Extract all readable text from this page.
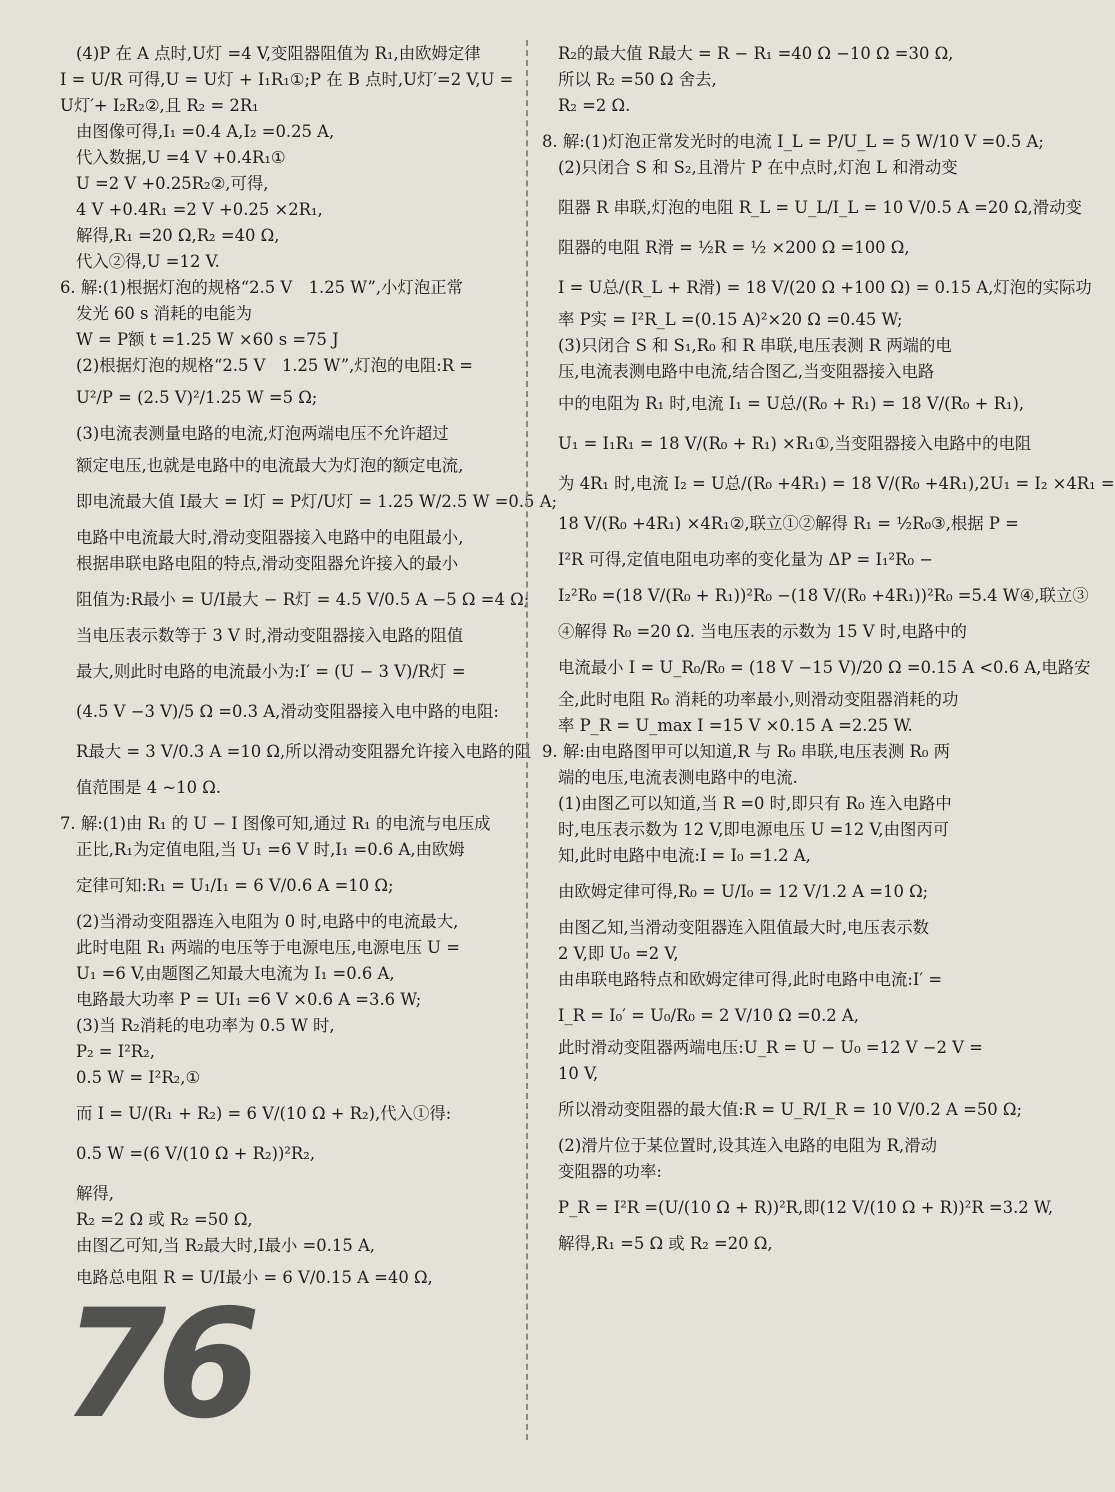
(4)P 在 A 点时,U灯 =4 V,变阻器阻值为 R₁,由欧姆定律

I = U/R 可得,U = U灯 + I₁R₁①;P 在 B 点时,U灯′=2 V,U =

U灯′+ I₂R₂②,且 R₂ = 2R₁

由图像可得,I₁ =0.4 A,I₂ =0.25 A,

代入数据,U =4 V +0.4R₁①

U =2 V +0.25R₂②,可得,

4 V +0.4R₁ =2 V +0.25 ×2R₁,

解得,R₁ =20 Ω,R₂ =40 Ω,

代入②得,U =12 V.

6. 解:(1)根据灯泡的规格“2.5 V　1.25 W”,小灯泡正常

发光 60 s 消耗的电能为

W = P额 t =1.25 W ×60 s =75 J

(2)根据灯泡的规格“2.5 V　1.25 W”,灯泡的电阻:R =

U²/P = (2.5 V)²/1.25 W =5 Ω;

(3)电流表测量电路的电流,灯泡两端电压不允许超过

额定电压,也就是电路中的电流最大为灯泡的额定电流,

即电流最大值 I最大 = I灯 = P灯/U灯 = 1.25 W/2.5 W =0.5 A;

电路中电流最大时,滑动变阻器接入电路中的电阻最小,

根据串联电路电阻的特点,滑动变阻器允许接入的最小

阻值为:R最小 = U/I最大 − R灯 = 4.5 V/0.5 A −5 Ω =4 Ω;

当电压表示数等于 3 V 时,滑动变阻器接入电路的阻值

最大,则此时电路的电流最小为:I′ = (U − 3 V)/R灯 =

(4.5 V −3 V)/5 Ω =0.3 A,滑动变阻器接入电中路的电阻:

R最大 = 3 V/0.3 A =10 Ω,所以滑动变阻器允许接入电路的阻

值范围是 4 ~10 Ω.

7. 解:(1)由 R₁ 的 U − I 图像可知,通过 R₁ 的电流与电压成

正比,R₁为定值电阻,当 U₁ =6 V 时,I₁ =0.6 A,由欧姆

定律可知:R₁ = U₁/I₁ = 6 V/0.6 A =10 Ω;

(2)当滑动变阻器连入电阻为 0 时,电路中的电流最大,

此时电阻 R₁ 两端的电压等于电源电压,电源电压 U =

U₁ =6 V,由题图乙知最大电流为 I₁ =0.6 A,

电路最大功率 P = UI₁ =6 V ×0.6 A =3.6 W;

(3)当 R₂消耗的电功率为 0.5 W 时,

P₂ = I²R₂,

0.5 W = I²R₂,①

而 I = U/(R₁ + R₂) = 6 V/(10 Ω + R₂),代入①得:

0.5 W =(6 V/(10 Ω + R₂))²R₂,

解得,

R₂ =2 Ω 或 R₂ =50 Ω,

由图乙可知,当 R₂最大时,I最小 =0.15 A,

电路总电阻 R = U/I最小 = 6 V/0.15 A =40 Ω,

R₂的最大值 R最大 = R − R₁ =40 Ω −10 Ω =30 Ω,

所以 R₂ =50 Ω 舍去,

R₂ =2 Ω.

8. 解:(1)灯泡正常发光时的电流 I_L = P/U_L = 5 W/10 V =0.5 A;

(2)只闭合 S 和 S₂,且滑片 P 在中点时,灯泡 L 和滑动变

阻器 R 串联,灯泡的电阻 R_L = U_L/I_L = 10 V/0.5 A =20 Ω,滑动变

阻器的电阻 R滑 = ½R = ½ ×200 Ω =100 Ω,

I = U总/(R_L + R滑) = 18 V/(20 Ω +100 Ω) = 0.15 A,灯泡的实际功

率 P实 = I²R_L =(0.15 A)²×20 Ω =0.45 W;

(3)只闭合 S 和 S₁,R₀ 和 R 串联,电压表测 R 两端的电

压,电流表测电路中电流,结合图乙,当变阻器接入电路

中的电阻为 R₁ 时,电流 I₁ = U总/(R₀ + R₁) = 18 V/(R₀ + R₁),

U₁ = I₁R₁ = 18 V/(R₀ + R₁) ×R₁①,当变阻器接入电路中的电阻

为 4R₁ 时,电流 I₂ = U总/(R₀ +4R₁) = 18 V/(R₀ +4R₁),2U₁ = I₂ ×4R₁ =

18 V/(R₀ +4R₁) ×4R₁②,联立①②解得 R₁ = ½R₀③,根据 P =

I²R 可得,定值电阻电功率的变化量为 ΔP = I₁²R₀ −

I₂²R₀ =(18 V/(R₀ + R₁))²R₀ −(18 V/(R₀ +4R₁))²R₀ =5.4 W④,联立③

④解得 R₀ =20 Ω. 当电压表的示数为 15 V 时,电路中的

电流最小 I = U_R₀/R₀ = (18 V −15 V)/20 Ω =0.15 A <0.6 A,电路安

全,此时电阻 R₀ 消耗的功率最小,则滑动变阻器消耗的功

率 P_R = U_max I =15 V ×0.15 A =2.25 W.

9. 解:由电路图甲可以知道,R 与 R₀ 串联,电压表测 R₀ 两

端的电压,电流表测电路中的电流.

(1)由图乙可以知道,当 R =0 时,即只有 R₀ 连入电路中

时,电压表示数为 12 V,即电源电压 U =12 V,由图丙可

知,此时电路中电流:I = I₀ =1.2 A,

由欧姆定律可得,R₀ = U/I₀ = 12 V/1.2 A =10 Ω;

由图乙知,当滑动变阻器连入阻值最大时,电压表示数

2 V,即 U₀ =2 V,

由串联电路特点和欧姆定律可得,此时电路中电流:I′ =

I_R = I₀′ = U₀/R₀ = 2 V/10 Ω =0.2 A,

此时滑动变阻器两端电压:U_R = U − U₀ =12 V −2 V =

10 V,

所以滑动变阻器的最大值:R = U_R/I_R = 10 V/0.2 A =50 Ω;

(2)滑片位于某位置时,设其连入电路的电阻为 R,滑动

变阻器的功率:

P_R = I²R =(U/(10 Ω + R))²R,即(12 V/(10 Ω + R))²R =3.2 W,

解得,R₁ =5 Ω 或 R₂ =20 Ω,

76
